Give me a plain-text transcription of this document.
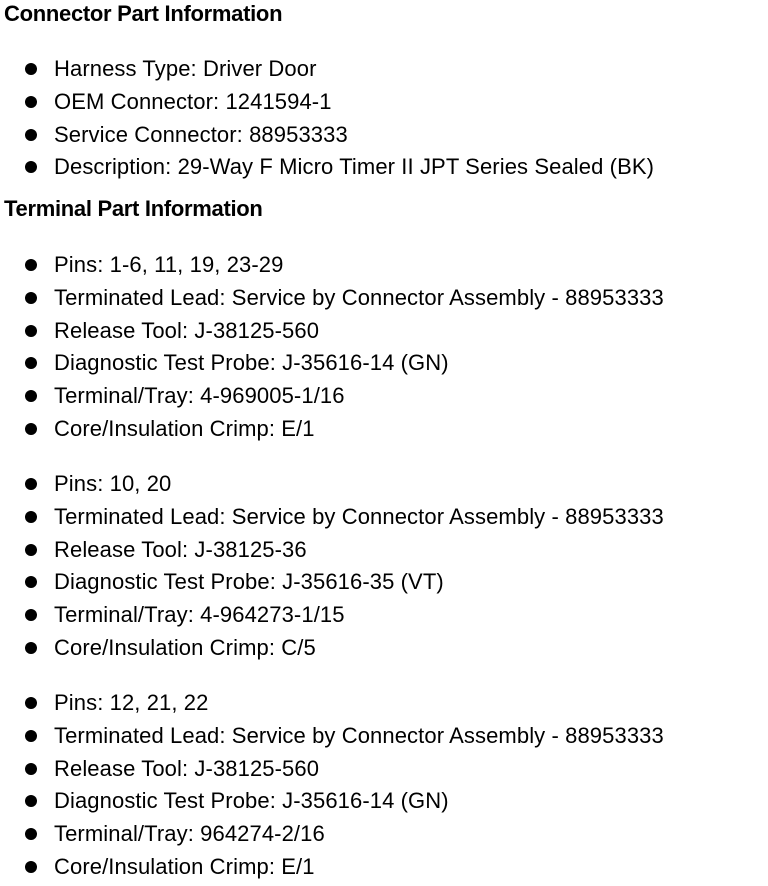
Connector Part Information
Harness Type: Driver Door
OEM Connector: 1241594-1
Service Connector: 88953333
Description: 29-Way F Micro Timer II JPT Series Sealed (BK)
Terminal Part Information
Pins: 1-6, 11, 19, 23-29
Terminated Lead: Service by Connector Assembly - 88953333
Release Tool: J-38125-560
Diagnostic Test Probe: J-35616-14 (GN)
Terminal/Tray: 4-969005-1/16
Core/Insulation Crimp: E/1
Pins: 10, 20
Terminated Lead: Service by Connector Assembly - 88953333
Release Tool: J-38125-36
Diagnostic Test Probe: J-35616-35 (VT)
Terminal/Tray: 4-964273-1/15
Core/Insulation Crimp: C/5
Pins: 12, 21, 22
Terminated Lead: Service by Connector Assembly - 88953333
Release Tool: J-38125-560
Diagnostic Test Probe: J-35616-14 (GN)
Terminal/Tray: 964274-2/16
Core/Insulation Crimp: E/1
